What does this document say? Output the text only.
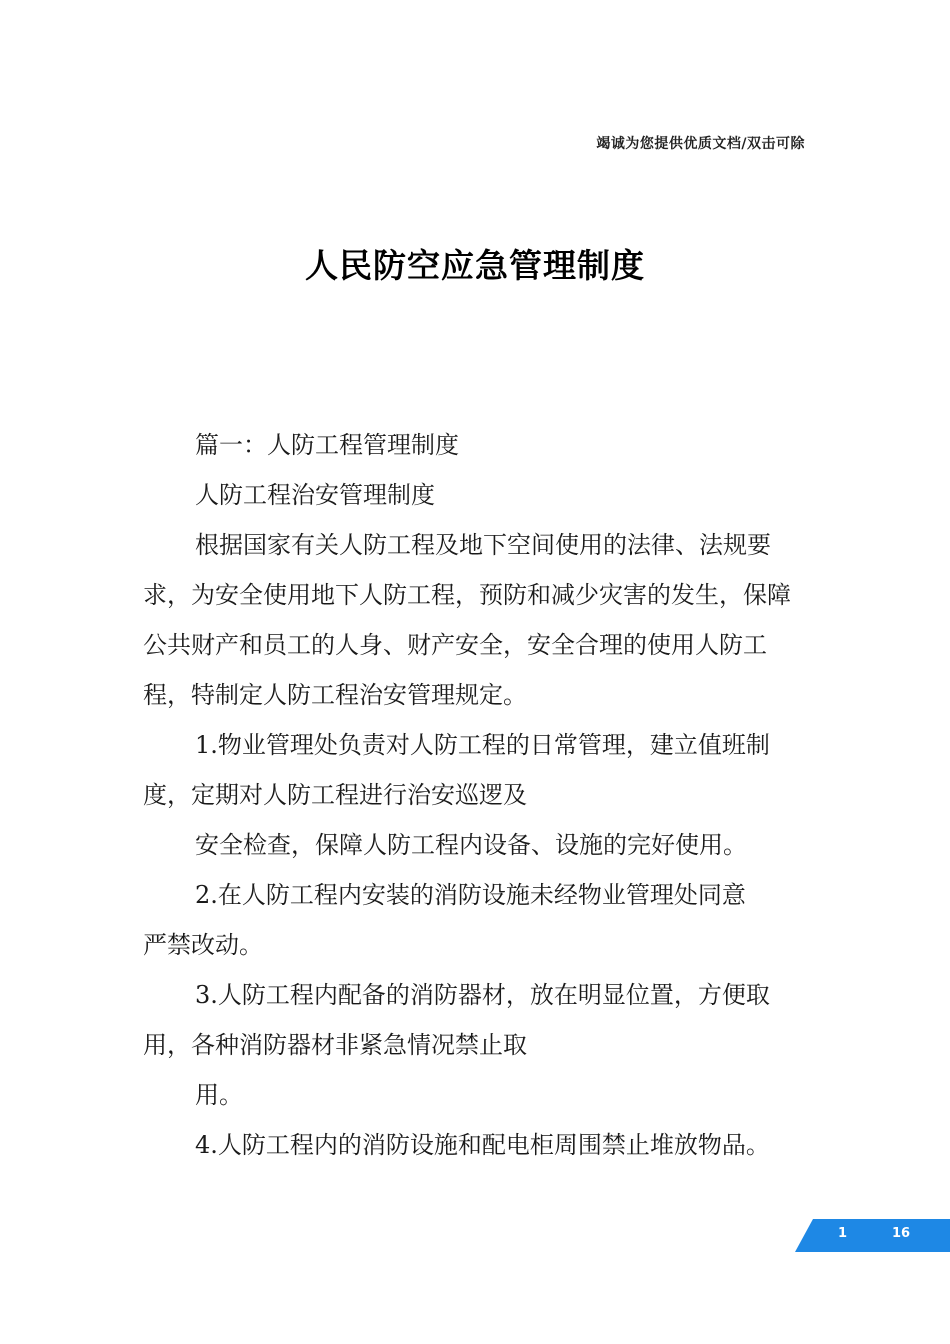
竭诚为您提供优质文档/双击可除
人民防空应急管理制度

篇一：人防工程管理制度

人防工程治安管理制度

根据国家有关人防工程及地下空间使用的法律、法规要求，为安全使用地下人防工程，预防和减少灾害的发生，保障公共财产和员工的人身、财产安全，安全合理的使用人防工程，特制定人防工程治安管理规定。

1.物业管理处负责对人防工程的日常管理，建立值班制度，定期对人防工程进行治安巡逻及

安全检查，保障人防工程内设备、设施的完好使用。

2.在人防工程内安装的消防设施未经物业管理处同意

严禁改动。

3.人防工程内配备的消防器材，放在明显位置，方便取用，各种消防器材非紧急情况禁止取

用。

4.人防工程内的消防设施和配电柜周围禁止堆放物品。

1	16
